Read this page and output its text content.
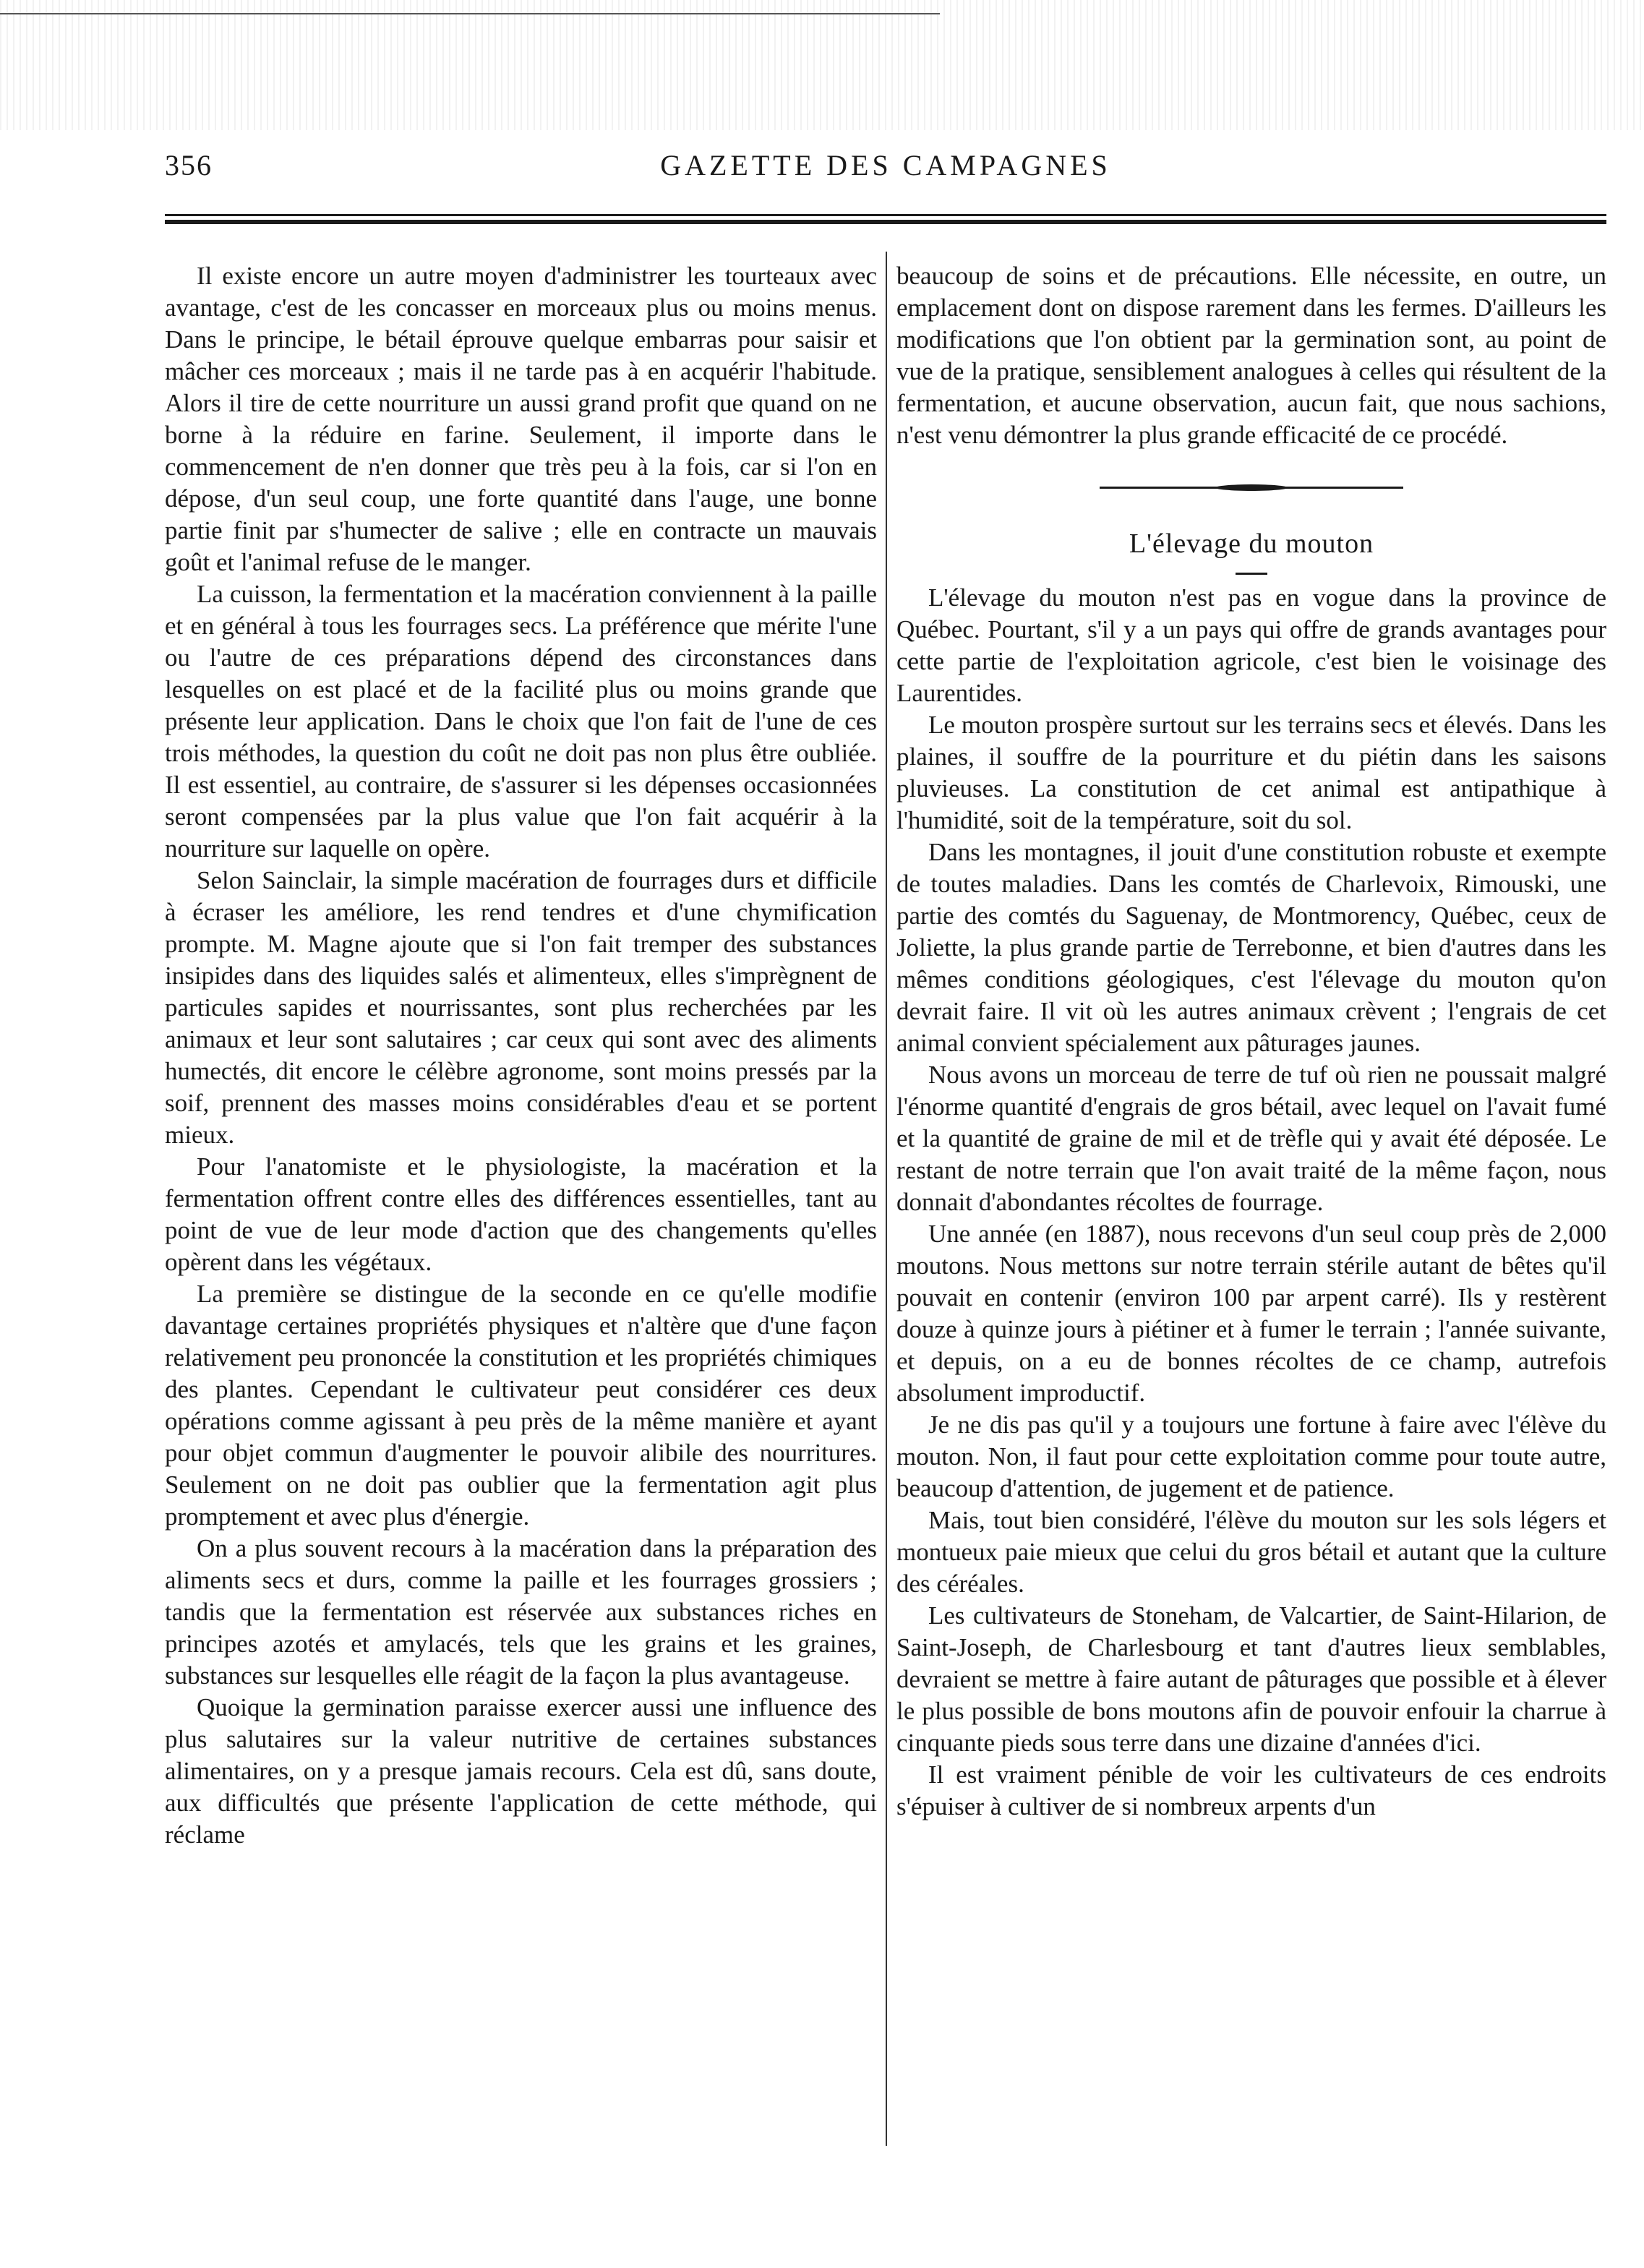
356	GAZETTE DES CAMPAGNES

Il existe encore un autre moyen d'administrer les tourteaux avec avantage, c'est de les concasser en morceaux plus ou moins menus. Dans le principe, le bétail éprouve quelque embarras pour saisir et mâcher ces morceaux ; mais il ne tarde pas à en acquérir l'habitude. Alors il tire de cette nourriture un aussi grand profit que quand on ne borne à la réduire en farine. Seulement, il importe dans le commencement de n'en donner que très peu à la fois, car si l'on en dépose, d'un seul coup, une forte quantité dans l'auge, une bonne partie finit par s'humecter de salive ; elle en contracte un mauvais goût et l'animal refuse de le manger.

La cuisson, la fermentation et la macération conviennent à la paille et en général à tous les fourrages secs. La préférence que mérite l'une ou l'autre de ces préparations dépend des circonstances dans lesquelles on est placé et de la facilité plus ou moins grande que présente leur application. Dans le choix que l'on fait de l'une de ces trois méthodes, la question du coût ne doit pas non plus être oubliée. Il est essentiel, au contraire, de s'assurer si les dépenses occasionnées seront compensées par la plus value que l'on fait acquérir à la nourriture sur laquelle on opère.

Selon Sainclair, la simple macération de fourrages durs et difficile à écraser les améliore, les rend tendres et d'une chymification prompte. M. Magne ajoute que si l'on fait tremper des substances insipides dans des liquides salés et alimenteux, elles s'imprègnent de particules sapides et nourrissantes, sont plus recherchées par les animaux et leur sont salutaires ; car ceux qui sont avec des aliments humectés, dit encore le célèbre agronome, sont moins pressés par la soif, prennent des masses moins considérables d'eau et se portent mieux.

Pour l'anatomiste et le physiologiste, la macération et la fermentation offrent contre elles des différences essentielles, tant au point de vue de leur mode d'action que des changements qu'elles opèrent dans les végétaux.

La première se distingue de la seconde en ce qu'elle modifie davantage certaines propriétés physiques et n'altère que d'une façon relativement peu prononcée la constitution et les propriétés chimiques des plantes. Cependant le cultivateur peut considérer ces deux opérations comme agissant à peu près de la même manière et ayant pour objet commun d'augmenter le pouvoir alibile des nourritures. Seulement on ne doit pas oublier que la fermentation agit plus promptement et avec plus d'énergie.

On a plus souvent recours à la macération dans la préparation des aliments secs et durs, comme la paille et les fourrages grossiers ; tandis que la fermentation est réservée aux substances riches en principes azotés et amylacés, tels que les grains et les graines, substances sur lesquelles elle réagit de la façon la plus avantageuse.

Quoique la germination paraisse exercer aussi une influence des plus salutaires sur la valeur nutritive de certaines substances alimentaires, on y a presque jamais recours. Cela est dû, sans doute, aux difficultés que présente l'application de cette méthode, qui réclame

beaucoup de soins et de précautions. Elle nécessite, en outre, un emplacement dont on dispose rarement dans les fermes. D'ailleurs les modifications que l'on obtient par la germination sont, au point de vue de la pratique, sensiblement analogues à celles qui résultent de la fermentation, et aucune observation, aucun fait, que nous sachions, n'est venu démontrer la plus grande efficacité de ce procédé.

L'élevage du mouton

L'élevage du mouton n'est pas en vogue dans la province de Québec. Pourtant, s'il y a un pays qui offre de grands avantages pour cette partie de l'exploitation agricole, c'est bien le voisinage des Laurentides.

Le mouton prospère surtout sur les terrains secs et élevés. Dans les plaines, il souffre de la pourriture et du piétin dans les saisons pluvieuses. La constitution de cet animal est antipathique à l'humidité, soit de la température, soit du sol.

Dans les montagnes, il jouit d'une constitution robuste et exempte de toutes maladies. Dans les comtés de Charlevoix, Rimouski, une partie des comtés du Saguenay, de Montmorency, Québec, ceux de Joliette, la plus grande partie de Terrebonne, et bien d'autres dans les mêmes conditions géologiques, c'est l'élevage du mouton qu'on devrait faire. Il vit où les autres animaux crèvent ; l'engrais de cet animal convient spécialement aux pâturages jaunes.

Nous avons un morceau de terre de tuf où rien ne poussait malgré l'énorme quantité d'engrais de gros bétail, avec lequel on l'avait fumé et la quantité de graine de mil et de trèfle qui y avait été déposée. Le restant de notre terrain que l'on avait traité de la même façon, nous donnait d'abondantes récoltes de fourrage.

Une année (en 1887), nous recevons d'un seul coup près de 2,000 moutons. Nous mettons sur notre terrain stérile autant de bêtes qu'il pouvait en contenir (environ 100 par arpent carré). Ils y restèrent douze à quinze jours à piétiner et à fumer le terrain ; l'année suivante, et depuis, on a eu de bonnes récoltes de ce champ, autrefois absolument improductif.

Je ne dis pas qu'il y a toujours une fortune à faire avec l'élève du mouton. Non, il faut pour cette exploitation comme pour toute autre, beaucoup d'attention, de jugement et de patience.

Mais, tout bien considéré, l'élève du mouton sur les sols légers et montueux paie mieux que celui du gros bétail et autant que la culture des céréales.

Les cultivateurs de Stoneham, de Valcartier, de Saint-Hilarion, de Saint-Joseph, de Charlesbourg et tant d'autres lieux semblables, devraient se mettre à faire autant de pâturages que possible et à élever le plus possible de bons moutons afin de pouvoir enfouir la charrue à cinquante pieds sous terre dans une dizaine d'années d'ici.

Il est vraiment pénible de voir les cultivateurs de ces endroits s'épuiser à cultiver de si nombreux arpents d'un
